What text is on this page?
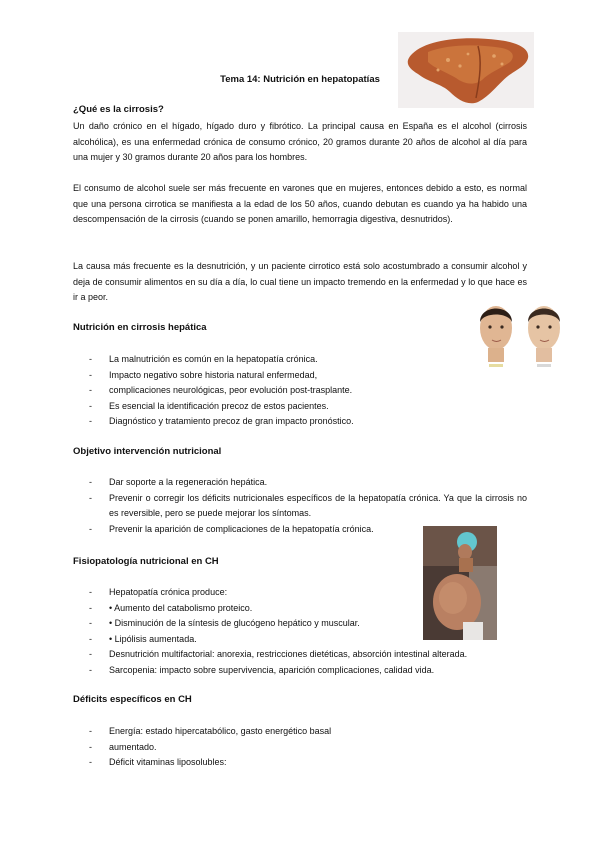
Tema 14: Nutrición en hepatopatías

¿Qué es la cirrosis?

Un daño crónico en el hígado, hígado duro y fibrótico. La principal causa en España es el alcohol (cirrosis alcohólica), es una enfermedad crónica de consumo crónico, 20 gramos durante 20 años de alcohol al día para una mujer y 30 gramos durante 20 años para los hombres.

El consumo de alcohol suele ser más frecuente en varones que en mujeres, entonces debido a esto, es normal que una persona cirrotica se manifiesta a la edad de los 50 años, cuando debutan es cuando ya ha habido una descompensación de la cirrosis (cuando se ponen amarillo, hemorragia digestiva, desnutridos).

La causa más frecuente es la desnutrición, y un paciente cirrotico está solo acostumbrado a consumir alcohol y deja de consumir alimentos en su día a día, lo cual tiene un impacto tremendo en la enfermedad y lo que hace es ir a peor.

Nutrición en cirrosis hepática

- La malnutrición es común en la hepatopatía crónica.
- Impacto negativo sobre historia natural enfermedad,
- complicaciones neurológicas, peor evolución post-trasplante.
- Es esencial la identificación precoz de estos pacientes.
- Diagnóstico y tratamiento precoz de gran impacto pronóstico.

Objetivo intervención nutricional

- Dar soporte a la regeneración hepática.
- Prevenir o corregir los déficits nutricionales específicos de la hepatopatía crónica. Ya que la cirrosis no es reversible, pero se puede mejorar los síntomas.
- Prevenir la aparición de complicaciones de la hepatopatía crónica.

Fisiopatología nutricional en CH

- Hepatopatía crónica produce:
- • Aumento del catabolismo proteico.
- • Disminución de la síntesis de glucógeno hepático y muscular.
- • Lipólisis aumentada.
- Desnutrición multifactorial: anorexia, restricciones dietéticas, absorción intestinal alterada.
- Sarcopenia: impacto sobre supervivencia, aparición complicaciones, calidad vida.

Déficits específicos en CH

- Energía: estado hipercatabólico, gasto energético basal
- aumentado.
- Déficit vitaminas liposolubles:
